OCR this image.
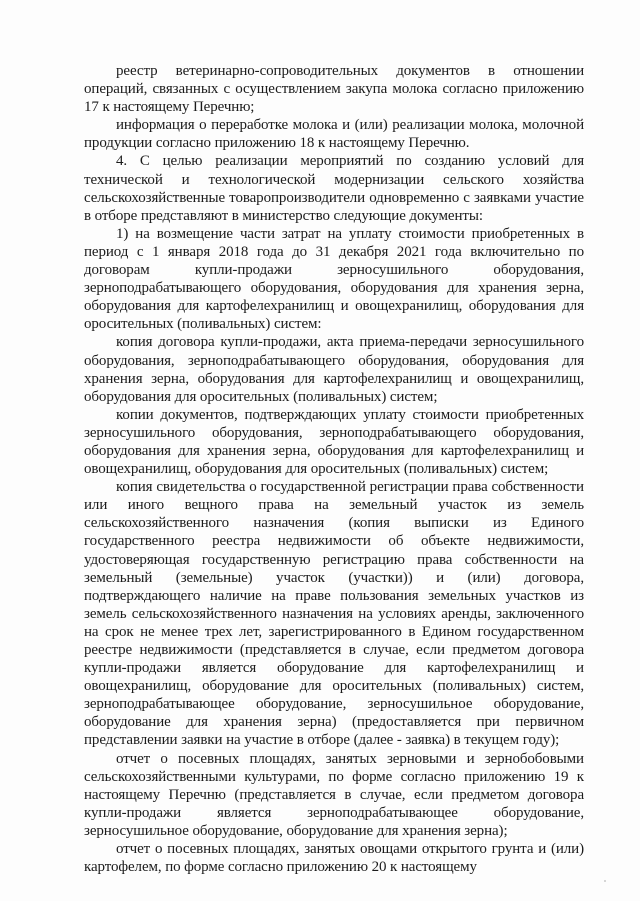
реестр ветеринарно-сопроводительных документов в отношении операций, связанных с осуществлением закупа молока согласно приложению 17 к настоящему Перечню;

информация о переработке молока и (или) реализации молока, молочной продукции согласно приложению 18 к настоящему Перечню.

4. С целью реализации мероприятий по созданию условий для технической и технологической модернизации сельского хозяйства сельскохозяйственные товаропроизводители одновременно с заявками участие в отборе представляют в министерство следующие документы:

1) на возмещение части затрат на уплату стоимости приобретенных в период с 1 января 2018 года до 31 декабря 2021 года включительно по договорам купли-продажи зерносушильного оборудования, зерноподрабатывающего оборудования, оборудования для хранения зерна, оборудования для картофелехранилищ и овощехранилищ, оборудования для оросительных (поливальных) систем:

копия договора купли-продажи, акта приема-передачи зерносушильного оборудования, зерноподрабатывающего оборудования, оборудования для хранения зерна, оборудования для картофелехранилищ и овощехранилищ, оборудования для оросительных (поливальных) систем;

копии документов, подтверждающих уплату стоимости приобретенных зерносушильного оборудования, зерноподрабатывающего оборудования, оборудования для хранения зерна, оборудования для картофелехранилищ и овощехранилищ, оборудования для оросительных (поливальных) систем;

копия свидетельства о государственной регистрации права собственности или иного вещного права на земельный участок из земель сельскохозяйственного назначения (копия выписки из Единого государственного реестра недвижимости об объекте недвижимости, удостоверяющая государственную регистрацию права собственности на земельный (земельные) участок (участки)) и (или) договора, подтверждающего наличие на праве пользования земельных участков из земель сельскохозяйственного назначения на условиях аренды, заключенного на срок не менее трех лет, зарегистрированного в Едином государственном реестре недвижимости (представляется в случае, если предметом договора купли-продажи является оборудование для картофелехранилищ и овощехранилищ, оборудование для оросительных (поливальных) систем, зерноподрабатывающее оборудование, зерносушильное оборудование, оборудование для хранения зерна) (предоставляется при первичном представлении заявки на участие в отборе (далее - заявка) в текущем году);

отчет о посевных площадях, занятых зерновыми и зернобобовыми сельскохозяйственными культурами, по форме согласно приложению 19 к настоящему Перечню (представляется в случае, если предметом договора купли-продажи является зерноподрабатывающее оборудование, зерносушильное оборудование, оборудование для хранения зерна);

отчет о посевных площадях, занятых овощами открытого грунта и (или) картофелем, по форме согласно приложению 20 к настоящему
